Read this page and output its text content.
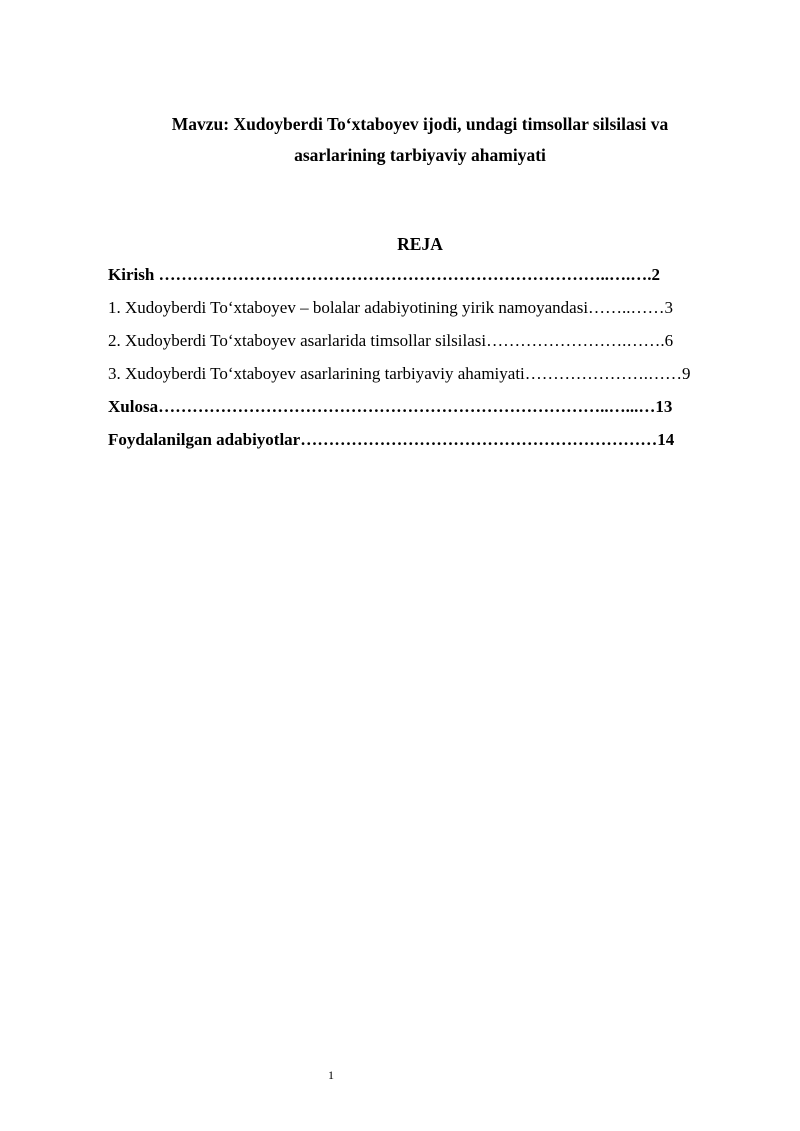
Mavzu: Xudoyberdi To‘xtaboyev ijodi, undagi timsollar silsilasi va
asarlarining tarbiyaviy ahamiyati
REJA
Kirish ……………………………………………………………………..….….2
1. Xudoyberdi To‘xtaboyev – bolalar adabiyotining yirik namoyandasi……..……3
2. Xudoyberdi To‘xtaboyev asarlarida timsollar silsilasi…………………….…….6
3. Xudoyberdi To‘xtaboyev asarlarining tarbiyaviy ahamiyati………………….……9
Xulosa……………………………………………………………………..…...…13
Foydalanilgan adabiyotlar………………………………………………………14
1
